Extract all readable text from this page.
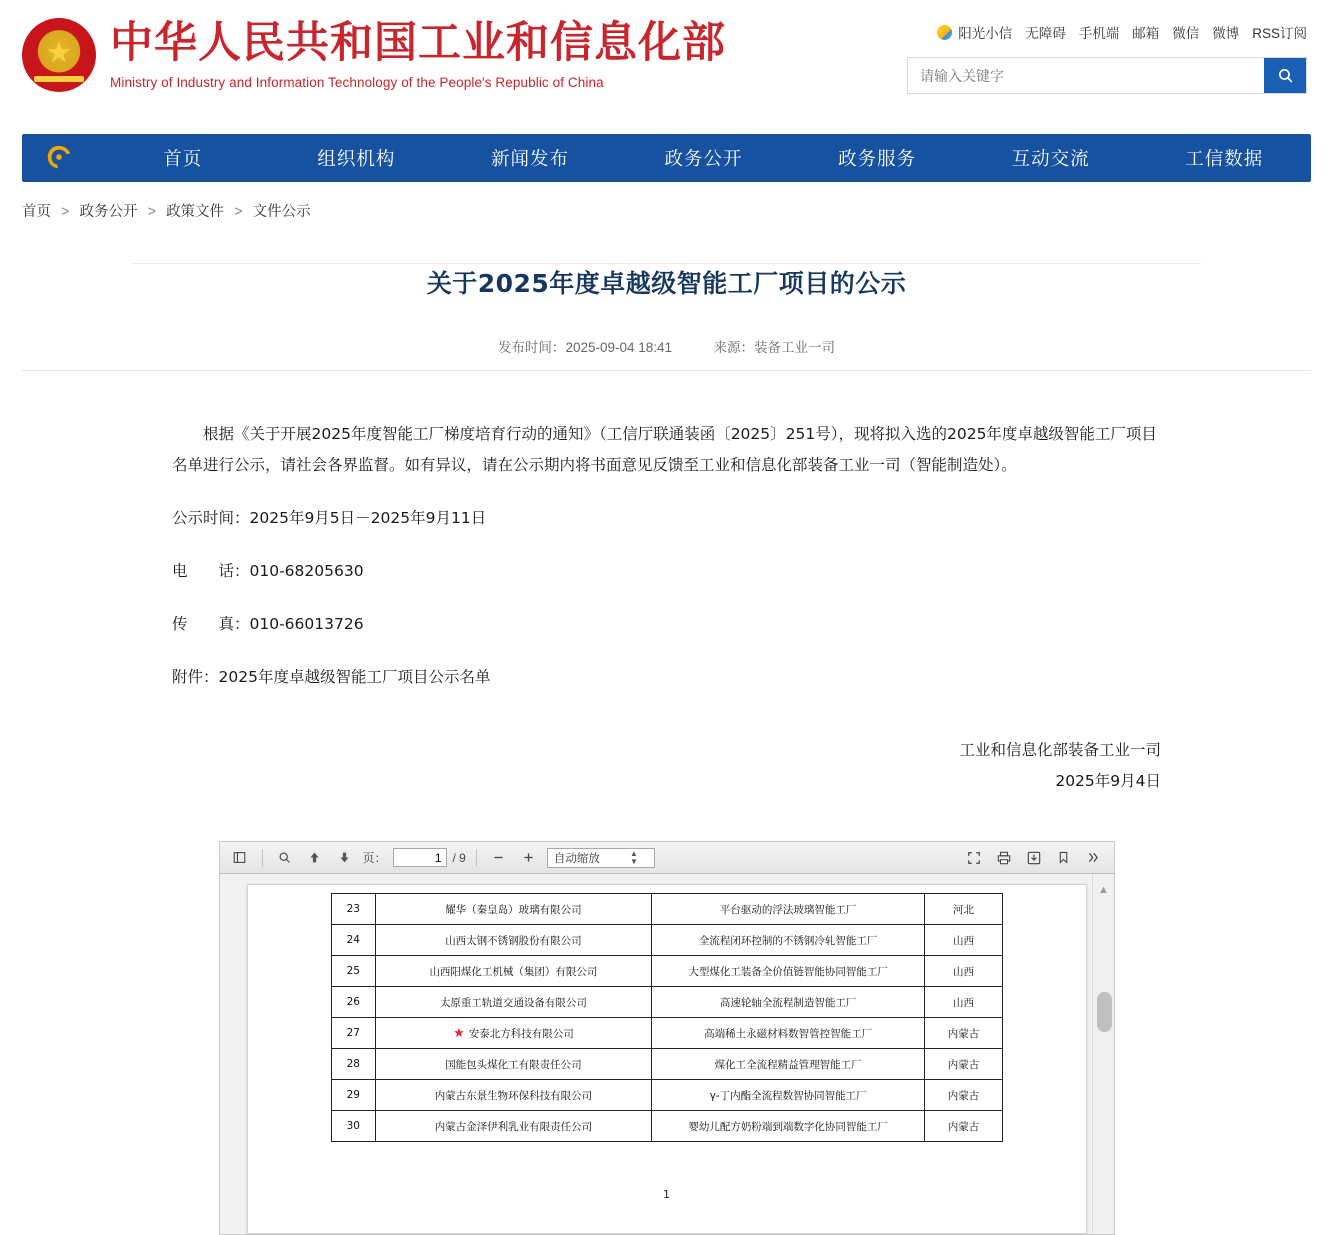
★
中华人民共和国工业和信息化部
Ministry of Industry and Information Technology of the People's Republic of China
阳光小信 无障碍 手机端 邮箱 微信 微博 RSS订阅
请输入关键字
首页	组织机构	新闻发布	政务公开	政务服务	互动交流	工信数据
首页 > 政务公开 > 政策文件 > 文件公示
关于2025年度卓越级智能工厂项目的公示
发布时间：2025-09-04 18:41	来源：装备工业一司

根据《关于开展2025年度智能工厂梯度培育行动的通知》（工信厅联通装函〔2025〕251号），现将拟入选的2025年度卓越级智能工厂项目名单进行公示，请社会各界监督。如有异议，请在公示期内将书面意见反馈至工业和信息化部装备工业一司（智能制造处）。

公示时间：2025年9月5日－2025年9月11日

电　　话：010-68205630

传　　真：010-66013726

附件：2025年度卓越级智能工厂项目公示名单

工业和信息化部装备工业一司
2025年9月4日
页：
1	/ 9	自动缩放	▲
▼
23	耀华（秦皇岛）玻璃有限公司	平台驱动的浮法玻璃智能工厂	河北
24	山西太钢不锈钢股份有限公司	全流程闭环控制的不锈钢冷轧智能工厂	山西
25	山西阳煤化工机械（集团）有限公司	大型煤化工装备全价值链智能协同智能工厂	山西
26	太原重工轨道交通设备有限公司	高速轮轴全流程制造智能工厂	山西
27	★ 安泰北方科技有限公司	高端稀土永磁材料数智管控智能工厂	内蒙古
28	国能包头煤化工有限责任公司	煤化工全流程精益管理智能工厂	内蒙古
29	内蒙古东景生物环保科技有限公司	γ-丁内酯全流程数智协同智能工厂	内蒙古
30	内蒙古金泽伊利乳业有限责任公司	婴幼儿配方奶粉端到端数字化协同智能工厂	内蒙古
1
▲
